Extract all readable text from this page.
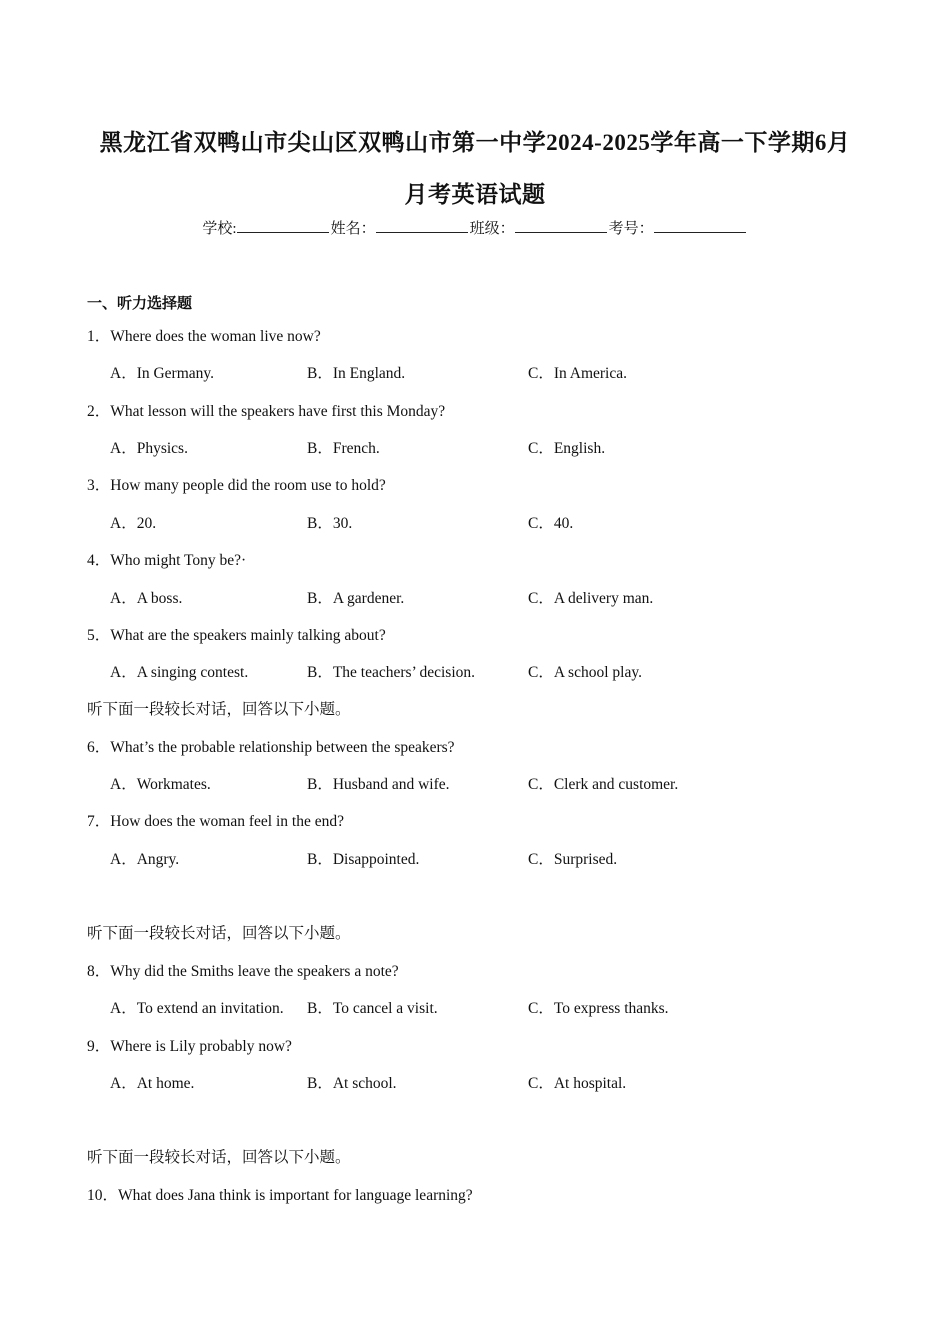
黑龙江省双鸭山市尖山区双鸭山市第一中学2024-2025学年高一下学期6月
月考英语试题
学校:	姓名：	班级：	考号：
一、听力选择题
1．Where does the woman live now?
A．In Germany.	B．In England.	C．In America.
2．What lesson will the speakers have first this Monday?
A．Physics.	B．French.	C．English.
3．How many people did the room use to hold?
A．20.	B．30.	C．40.
4．Who might Tony be?·
A．A boss.	B．A gardener.	C．A delivery man.
5．What are the speakers mainly talking about?
A．A singing contest.	B．The teachers’ decision.	C．A school play.
听下面一段较长对话，回答以下小题。
6．What’s the probable relationship between the speakers?
A．Workmates.	B．Husband and wife.	C．Clerk and customer.
7．How does the woman feel in the end?
A．Angry.	B．Disappointed.	C．Surprised.
听下面一段较长对话，回答以下小题。
8．Why did the Smiths leave the speakers a note?
A．To extend an invitation. B．To cancel a visit.	C．To express thanks.
9．Where is Lily probably now?
A．At home.	B．At school.	C．At hospital.
听下面一段较长对话，回答以下小题。
10．What does Jana think is important for language learning?
